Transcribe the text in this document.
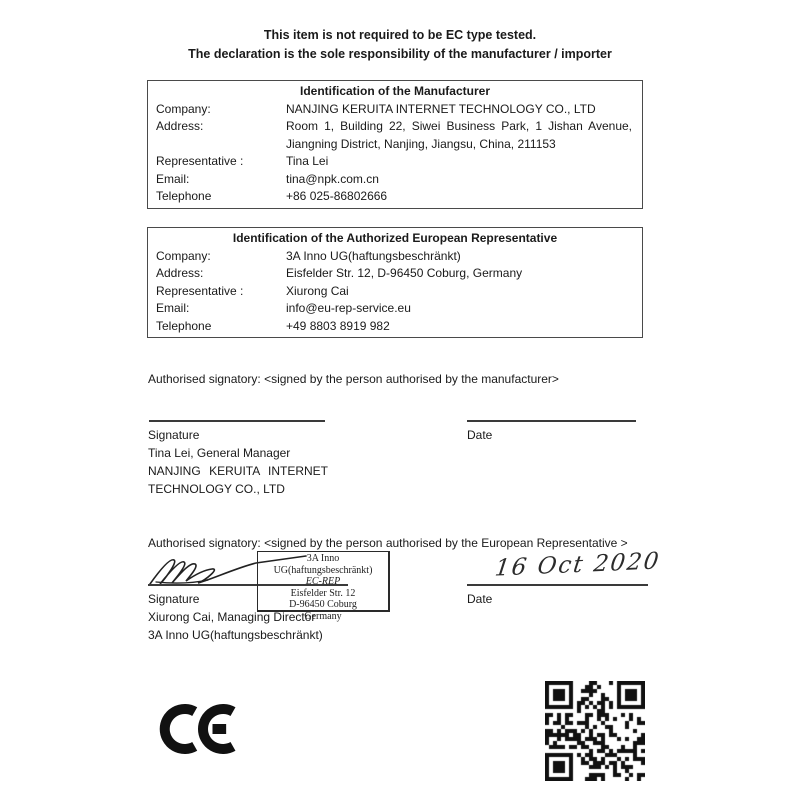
This item is not required to be EC type tested.
The declaration is the sole responsibility of the manufacturer / importer
Identification of the Manufacturer
Company:	NANJING KERUITA INTERNET TECHNOLOGY CO., LTD
Address:	Room 1, Building 22, Siwei Business Park, 1 Jishan Avenue, Jiangning District, Nanjing, Jiangsu, China, 211153
Representative :	Tina Lei
Email:	tina@npk.com.cn
Telephone	+86 025-86802666
Identification of the Authorized European Representative
Company:	3A Inno UG(haftungsbeschränkt)
Address:	Eisfelder Str. 12, D-96450 Coburg, Germany
Representative :	Xiurong Cai
Email:	info@eu-rep-service.eu
Telephone	+49 8803 8919 982
Authorised signatory: <signed by the person authorised by the manufacturer>
Signature
Tina Lei, General Manager
NANJING KERUITA INTERNET TECHNOLOGY CO., LTD
Date
Authorised signatory: <signed by the person authorised by the European Representative >
3A Inno UG(haftungsbeschränkt)
EC-REP
Eisfelder Str. 12
D-96450 Coburg
Germany
16 Oct 2020
Signature
Xiurong Cai, Managing Director
3A Inno UG(haftungsbeschränkt)
Date
